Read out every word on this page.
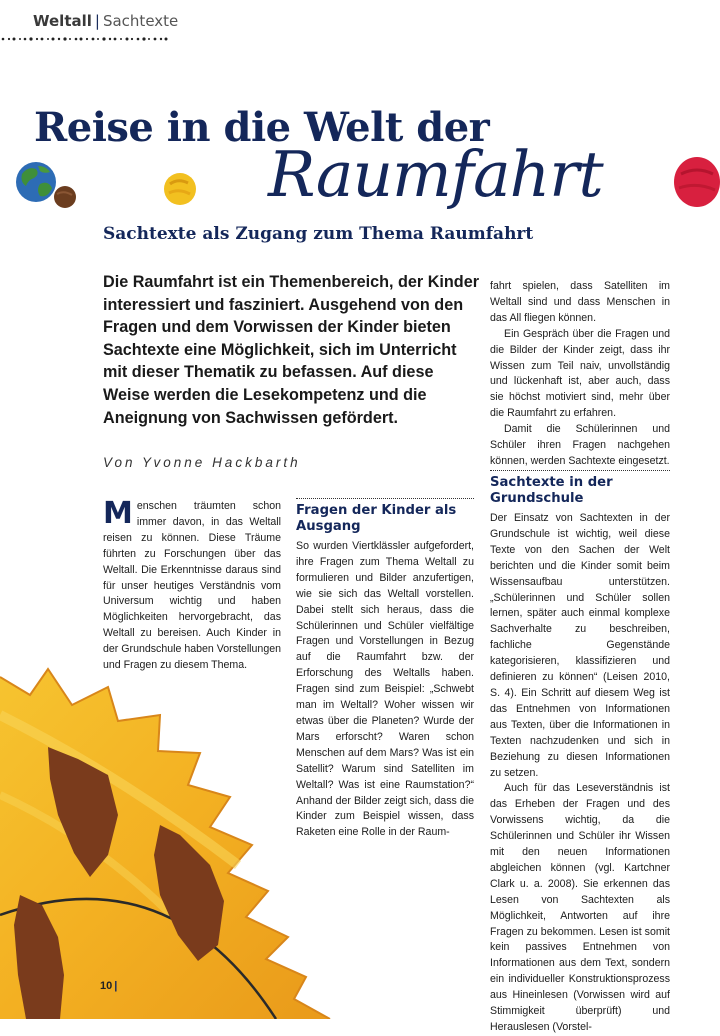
Weltall | Sachtexte
Reise in die Welt der
Raumfahrt
Sachtexte als Zugang zum Thema Raumfahrt
Die Raumfahrt ist ein Themenbereich, der Kinder interessiert und fasziniert. Ausgehend von den Fragen und dem Vorwissen der Kinder bieten Sachtexte eine Möglichkeit, sich im Unterricht mit dieser Thematik zu befassen. Auf diese Weise werden die Lesekompetenz und die Aneignung von Sachwissen gefördert.
Von Yvonne Hackbarth

Menschen träumten schon immer davon, in das Weltall reisen zu können. Diese Träume führten zu Forschungen über das Weltall. Die Erkenntnisse daraus sind für unser heutiges Verständnis vom Universum wichtig und haben Möglichkeiten hervorgebracht, das Weltall zu bereisen. Auch Kinder in der Grundschule haben Vorstellungen und Fragen zu diesem Thema.

Fragen der Kinder als Ausgang

So wurden Viertklässler aufgefordert, ihre Fragen zum Thema Weltall zu formulieren und Bilder anzufertigen, wie sie sich das Weltall vorstellen. Dabei stellt sich heraus, dass die Schülerinnen und Schüler vielfältige Fragen und Vorstellungen in Bezug auf die Raumfahrt bzw. der Erforschung des Weltalls haben. Fragen sind zum Beispiel: „Schwebt man im Weltall? Woher wissen wir etwas über die Planeten? Wurde der Mars erforscht? Waren schon Menschen auf dem Mars? Was ist ein Satellit? Warum sind Satelliten im Weltall? Was ist eine Raumstation?“ Anhand der Bilder zeigt sich, dass die Kinder zum Beispiel wissen, dass Raketen eine Rolle in der Raum-

fahrt spielen, dass Satelliten im Weltall sind und dass Menschen in das All fliegen können.

Ein Gespräch über die Fragen und die Bilder der Kinder zeigt, dass ihr Wissen zum Teil naiv, unvollständig und lückenhaft ist, aber auch, dass sie höchst motiviert sind, mehr über die Raumfahrt zu erfahren.

Damit die Schülerinnen und Schüler ihren Fragen nachgehen können, werden Sachtexte eingesetzt.

Sachtexte in der Grundschule

Der Einsatz von Sachtexten in der Grundschule ist wichtig, weil diese Texte von den Sachen der Welt berichten und die Kinder somit beim Wissensaufbau unterstützen. „Schülerinnen und Schüler sollen lernen, später auch einmal komplexe Sachverhalte zu beschreiben, fachliche Gegenstände kategorisieren, klassifizieren und definieren zu können“ (Leisen 2010, S. 4). Ein Schritt auf diesem Weg ist das Entnehmen von Informationen aus Texten, über die Informationen in Texten nachzudenken und sich in Beziehung zu diesen Informationen zu setzen.

Auch für das Leseverständnis ist das Erheben der Fragen und des Vorwissens wichtig, da die Schülerinnen und Schüler ihr Wissen mit den neuen Informationen abgleichen können (vgl. Kartchner Clark u. a. 2008). Sie erkennen das Lesen von Sachtexten als Möglichkeit, Antworten auf ihre Fragen zu bekommen. Lesen ist somit kein passives Entnehmen von Informationen aus dem Text, sondern ein individueller Konstruktionsprozess aus Hineinlesen (Vorwissen wird auf Stimmigkeit überprüft) und Herauslesen (Vorstel-

10 |
